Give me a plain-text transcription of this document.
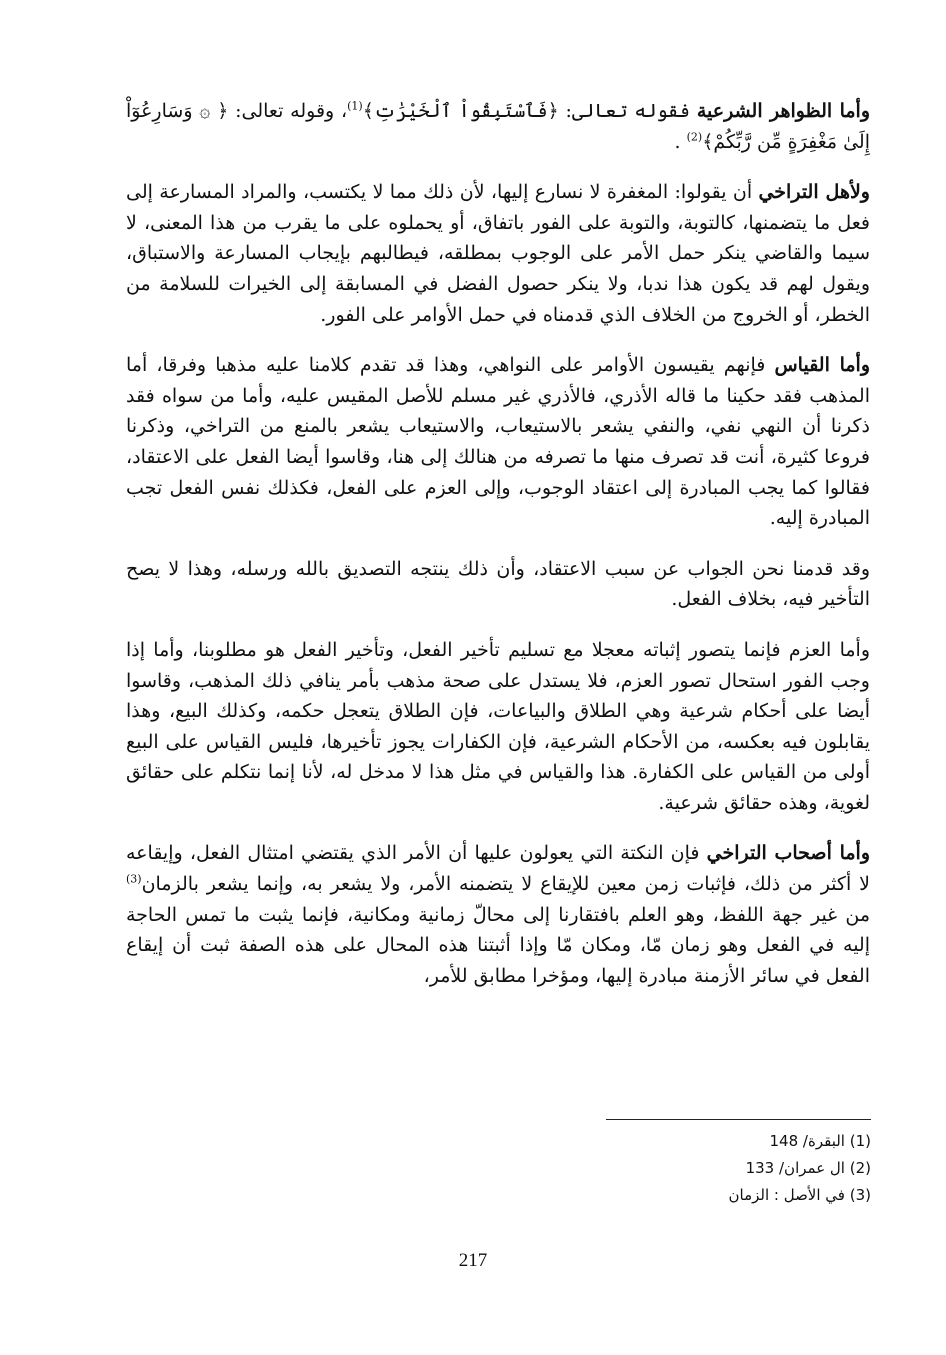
وأما الظواهر الشرعية فقوله تعالى: ﴿فَٱسْتَبِقُواْ ٱلْخَيْرَٰتِ﴾$^{(1)}$، وقوله تعالى: ﴿ ۞ وَسَارِعُوٓاْ إِلَىٰ مَغْفِرَةٍ مِّن رَّبِّكُمْ﴾$^{(2)}$ .

ولأهل التراخي أن يقولوا: المغفرة لا نسارع إليها، لأن ذلك مما لا يكتسب، والمراد المسارعة إلى فعل ما يتضمنها، كالتوبة، والتوبة على الفور باتفاق، أو يحملوه على ما يقرب من هذا المعنى، لا سيما والقاضي ينكر حمل الأمر على الوجوب بمطلقه، فيطالبهم بإيجاب المسارعة والاستباق، ويقول لهم قد يكون هذا ندبا، ولا ينكر حصول الفضل في المسابقة إلى الخيرات للسلامة من الخطر، أو الخروج من الخلاف الذي قدمناه في حمل الأوامر على الفور.

وأما القياس فإنهم يقيسون الأوامر على النواهي، وهذا قد تقدم كلامنا عليه مذهبا وفرقا، أما المذهب فقد حكينا ما قاله الأذري، فالأذري غير مسلم للأصل المقيس عليه، وأما من سواه فقد ذكرنا أن النهي نفي، والنفي يشعر بالاستيعاب، والاستيعاب يشعر بالمنع من التراخي، وذكرنا فروعا كثيرة، أنت قد تصرف منها ما تصرفه من هنالك إلى هنا، وقاسوا أيضا الفعل على الاعتقاد، فقالوا كما يجب المبادرة إلى اعتقاد الوجوب، وإلى العزم على الفعل، فكذلك نفس الفعل تجب المبادرة إليه.

وقد قدمنا نحن الجواب عن سبب الاعتقاد، وأن ذلك ينتجه التصديق بالله ورسله، وهذا لا يصح التأخير فيه، بخلاف الفعل.

وأما العزم فإنما يتصور إثباته معجلا مع تسليم تأخير الفعل، وتأخير الفعل هو مطلوبنا، وأما إذا وجب الفور استحال تصور العزم، فلا يستدل على صحة مذهب بأمر ينافي ذلك المذهب، وقاسوا أيضا على أحكام شرعية وهي الطلاق والبياعات، فإن الطلاق يتعجل حكمه، وكذلك البيع، وهذا يقابلون فيه بعكسه، من الأحكام الشرعية، فإن الكفارات يجوز تأخيرها، فليس القياس على البيع أولى من القياس على الكفارة. هذا والقياس في مثل هذا لا مدخل له، لأنا إنما نتكلم على حقائق لغوية، وهذه حقائق شرعية.

وأما أصحاب التراخي فإن النكتة التي يعولون عليها أن الأمر الذي يقتضي امتثال الفعل، وإيقاعه لا أكثر من ذلك، فإثبات زمن معين للإيقاع لا يتضمنه الأمر، ولا يشعر به، وإنما يشعر بالزمان$^{(3)}$ من غير جهة اللفظ، وهو العلم بافتقارنا إلى محالّ زمانية ومكانية، فإنما يثبت ما تمس الحاجة إليه في الفعل وهو زمان مّا، ومكان مّا وإذا أثبتنا هذه المحال على هذه الصفة ثبت أن إيقاع الفعل في سائر الأزمنة مبادرة إليها، ومؤخرا مطابق للأمر،

(1) البقرة/ 148

(2) ال عمران/ 133

(3) في الأصل : الزمان

217
